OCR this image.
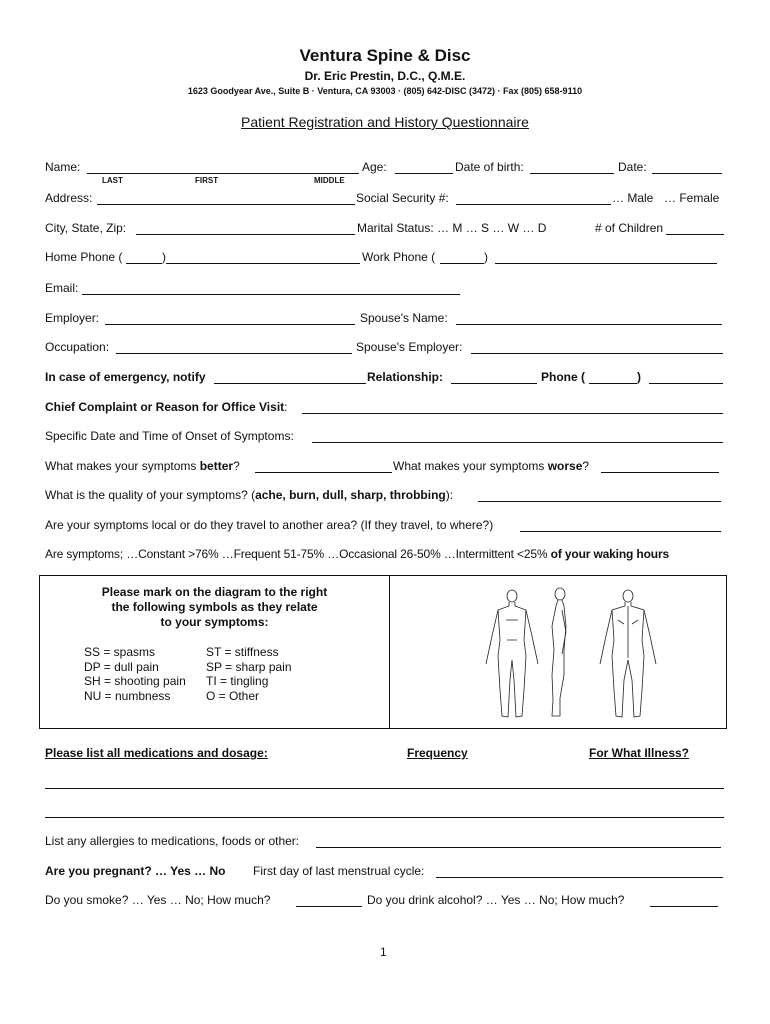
Ventura Spine & Disc
Dr. Eric Prestin, D.C., Q.M.E.
1623 Goodyear Ave., Suite B · Ventura, CA 93003 · (805) 642-DISC (3472) · Fax (805) 658-9110
Patient Registration and History Questionnaire
Name:
LAST	FIRST	MIDDLE
Age:	Date of birth:	Date:
Address:	Social Security #:	… Male … Female
City, State, Zip:	Marital Status: … M … S … W … D	# of Children
Home Phone (	)	Work Phone (	)
Email:
Employer:	Spouse's Name:
Occupation:	Spouse's Employer:
In case of emergency, notify	Relationship:	Phone (	)
Chief Complaint or Reason for Office Visit:
Specific Date and Time of Onset of Symptoms:
What makes your symptoms better?	What makes your symptoms worse?
What is the quality of your symptoms? (ache, burn, dull, sharp, throbbing):
Are your symptoms local or do they travel to another area? (If they travel, to where?)
Are symptoms; …Constant >76% …Frequent 51-75% …Occasional 26-50% …Intermittent <25% of your waking hours
Please mark on the diagram to the right
the following symbols as they relate
to your symptoms:
SS = spasms	ST = stiffness
DP = dull pain	SP = sharp pain
SH = shooting pain TI = tingling
NU = numbness	O = Other
Please list all medications and dosage:	Frequency	For What Illness?
List any allergies to medications, foods or other:
Are you pregnant? … Yes … No First day of last menstrual cycle:
Do you smoke? … Yes … No; How much?	Do you drink alcohol? … Yes … No; How much?
1
